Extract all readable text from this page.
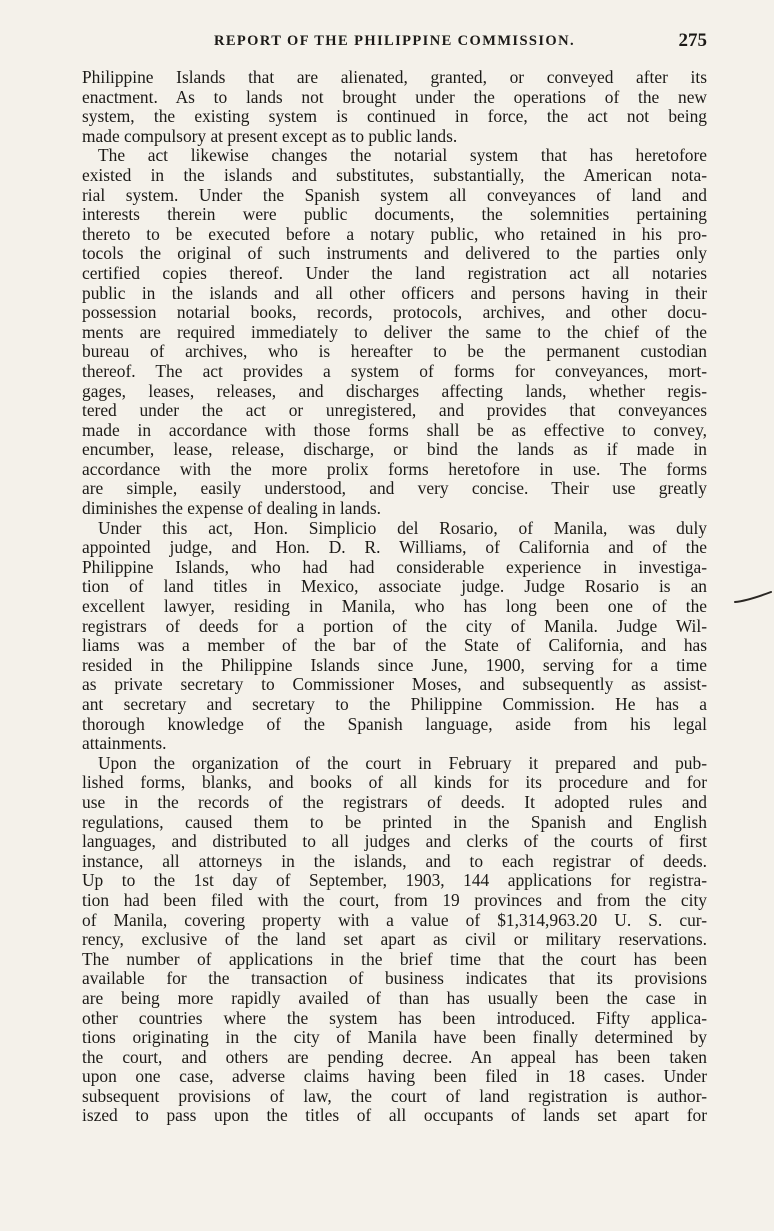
REPORT OF THE PHILIPPINE COMMISSION.	275
Philippine Islands that are alienated, granted, or conveyed after its
enactment. As to lands not brought under the operations of the new
system, the existing system is continued in force, the act not being
made compulsory at present except as to public lands.
The act likewise changes the notarial system that has heretofore
existed in the islands and substitutes, substantially, the American nota-
rial system. Under the Spanish system all conveyances of land and
interests therein were public documents, the solemnities pertaining
thereto to be executed before a notary public, who retained in his pro-
tocols the original of such instruments and delivered to the parties only
certified copies thereof. Under the land registration act all notaries
public in the islands and all other officers and persons having in their
possession notarial books, records, protocols, archives, and other docu-
ments are required immediately to deliver the same to the chief of the
bureau of archives, who is hereafter to be the permanent custodian
thereof. The act provides a system of forms for conveyances, mort-
gages, leases, releases, and discharges affecting lands, whether regis-
tered under the act or unregistered, and provides that conveyances
made in accordance with those forms shall be as effective to convey,
encumber, lease, release, discharge, or bind the lands as if made in
accordance with the more prolix forms heretofore in use. The forms
are simple, easily understood, and very concise. Their use greatly
diminishes the expense of dealing in lands.
Under this act, Hon. Simplicio del Rosario, of Manila, was duly
appointed judge, and Hon. D. R. Williams, of California and of the
Philippine Islands, who had had considerable experience in investiga-
tion of land titles in Mexico, associate judge. Judge Rosario is an
excellent lawyer, residing in Manila, who has long been one of the
registrars of deeds for a portion of the city of Manila. Judge Wil-
liams was a member of the bar of the State of California, and has
resided in the Philippine Islands since June, 1900, serving for a time
as private secretary to Commissioner Moses, and subsequently as assist-
ant secretary and secretary to the Philippine Commission. He has a
thorough knowledge of the Spanish language, aside from his legal
attainments.
Upon the organization of the court in February it prepared and pub-
lished forms, blanks, and books of all kinds for its procedure and for
use in the records of the registrars of deeds. It adopted rules and
regulations, caused them to be printed in the Spanish and English
languages, and distributed to all judges and clerks of the courts of first
instance, all attorneys in the islands, and to each registrar of deeds.
Up to the 1st day of September, 1903, 144 applications for registra-
tion had been filed with the court, from 19 provinces and from the city
of Manila, covering property with a value of $1,314,963.20 U. S. cur-
rency, exclusive of the land set apart as civil or military reservations.
The number of applications in the brief time that the court has been
available for the transaction of business indicates that its provisions
are being more rapidly availed of than has usually been the case in
other countries where the system has been introduced. Fifty applica-
tions originating in the city of Manila have been finally determined by
the court, and others are pending decree. An appeal has been taken
upon one case, adverse claims having been filed in 18 cases. Under
subsequent provisions of law, the court of land registration is author-
iszed to pass upon the titles of all occupants of lands set apart for
